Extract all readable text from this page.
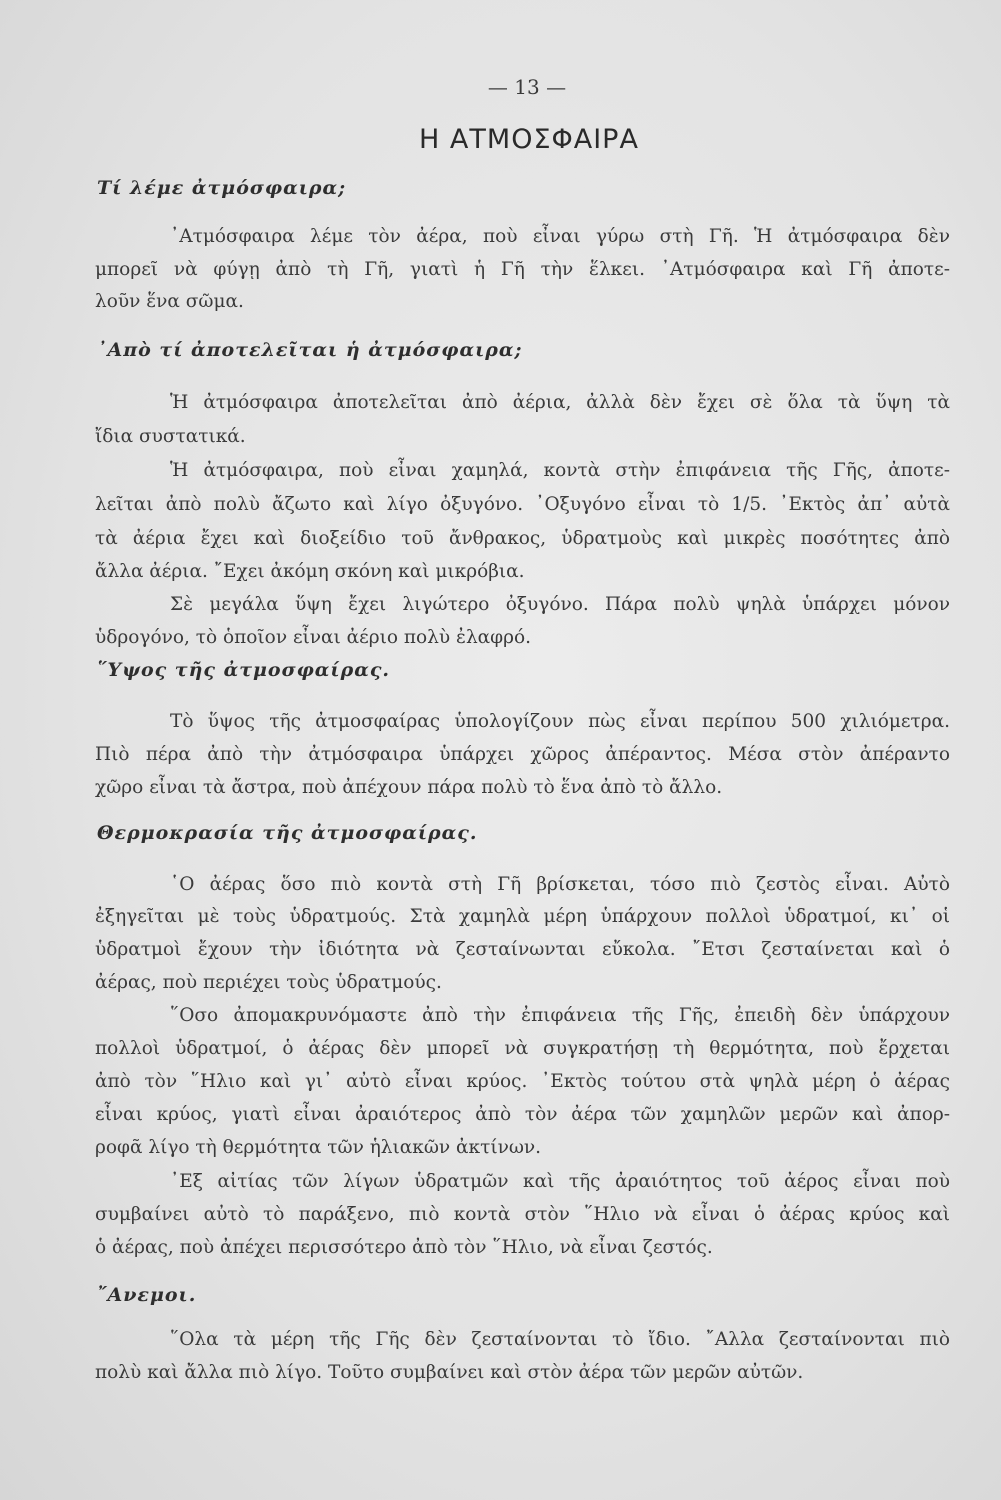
— 13 —
Η ΑΤΜΟΣΦΑΙΡΑ
Τί λέμε ἀτμόσφαιρα;
᾿Ατμόσφαιρα λέμε τὸν ἀέρα, ποὺ εἶναι γύρω στὴ Γῆ. Ἡ ἀτμόσφαιρα δὲν
μπορεῖ νὰ φύγῃ ἀπὸ τὴ Γῆ, γιατὶ ἡ Γῆ τὴν ἕλκει. ᾿Ατμόσφαιρα καὶ Γῆ ἀποτε-
λοῦν ἕνα σῶμα.
᾿Απὸ τί ἀποτελεῖται ἡ ἀτμόσφαιρα;
Ἡ ἀτμόσφαιρα ἀποτελεῖται ἀπὸ ἀέρια, ἀλλὰ δὲν ἔχει σὲ ὅλα τὰ ὕψη τὰ
ἴδια συστατικά.
Ἡ ἀτμόσφαιρα, ποὺ εἶναι χαμηλά, κοντὰ στὴν ἐπιφάνεια τῆς Γῆς, ἀποτε-
λεῖται ἀπὸ πολὺ ἄζωτο καὶ λίγο ὀξυγόνο. ᾿Οξυγόνο εἶναι τὸ 1/5. ᾿Εκτὸς ἀπ᾿ αὐτὰ
τὰ ἀέρια ἔχει καὶ διοξείδιο τοῦ ἄνθρακος, ὑδρατμοὺς καὶ μικρὲς ποσότητες ἀπὸ
ἄλλα ἀέρια. ῎Εχει ἀκόμη σκόνη καὶ μικρόβια.
Σὲ μεγάλα ὕψη ἔχει λιγώτερο ὀξυγόνο. Πάρα πολὺ ψηλὰ ὑπάρχει μόνον
ὑδρογόνο, τὸ ὁποῖον εἶναι ἀέριο πολὺ ἐλαφρό.
῞Υψος τῆς ἀτμοσφαίρας.
Τὸ ὕψος τῆς ἀτμοσφαίρας ὑπολογίζουν πὼς εἶναι περίπου 500 χιλιόμετρα.
Πιὸ πέρα ἀπὸ τὴν ἀτμόσφαιρα ὑπάρχει χῶρος ἀπέραντος. Μέσα στὸν ἀπέραντο
χῶρο εἶναι τὰ ἄστρα, ποὺ ἀπέχουν πάρα πολὺ τὸ ἕνα ἀπὸ τὸ ἄλλο.
Θερμοκρασία τῆς ἀτμοσφαίρας.
῾Ο ἀέρας ὅσο πιὸ κοντὰ στὴ Γῆ βρίσκεται, τόσο πιὸ ζεστὸς εἶναι. Αὐτὸ
ἐξηγεῖται μὲ τοὺς ὑδρατμούς. Στὰ χαμηλὰ μέρη ὑπάρχουν πολλοὶ ὑδρατμοί, κι᾿ οἱ
ὑδρατμοὶ ἔχουν τὴν ἰδιότητα νὰ ζεσταίνωνται εὔκολα. ῎Ετσι ζεσταίνεται καὶ ὁ
ἀέρας, ποὺ περιέχει τοὺς ὑδρατμούς.
῞Οσο ἀπομακρυνόμαστε ἀπὸ τὴν ἐπιφάνεια τῆς Γῆς, ἐπειδὴ δὲν ὑπάρχουν
πολλοὶ ὑδρατμοί, ὁ ἀέρας δὲν μπορεῖ νὰ συγκρατήσῃ τὴ θερμότητα, ποὺ ἔρχεται
ἀπὸ τὸν ῞Ηλιο καὶ γι᾿ αὐτὸ εἶναι κρύος. ᾿Εκτὸς τούτου στὰ ψηλὰ μέρη ὁ ἀέρας
εἶναι κρύος, γιατὶ εἶναι ἀραιότερος ἀπὸ τὸν ἀέρα τῶν χαμηλῶν μερῶν καὶ ἀπορ-
ροφᾶ λίγο τὴ θερμότητα τῶν ἡλιακῶν ἀκτίνων.
᾿Εξ αἰτίας τῶν λίγων ὑδρατμῶν καὶ τῆς ἀραιότητος τοῦ ἀέρος εἶναι ποὺ
συμβαίνει αὐτὸ τὸ παράξενο, πιὸ κοντὰ στὸν ῞Ηλιο νὰ εἶναι ὁ ἀέρας κρύος καὶ
ὁ ἀέρας, ποὺ ἀπέχει περισσότερο ἀπὸ τὸν ῞Ηλιο, νὰ εἶναι ζεστός.
῎Ανεμοι.
῞Ολα τὰ μέρη τῆς Γῆς δὲν ζεσταίνονται τὸ ἴδιο. ῎Αλλα ζεσταίνονται πιὸ
πολὺ καὶ ἄλλα πιὸ λίγο. Τοῦτο συμβαίνει καὶ στὸν ἀέρα τῶν μερῶν αὐτῶν.
